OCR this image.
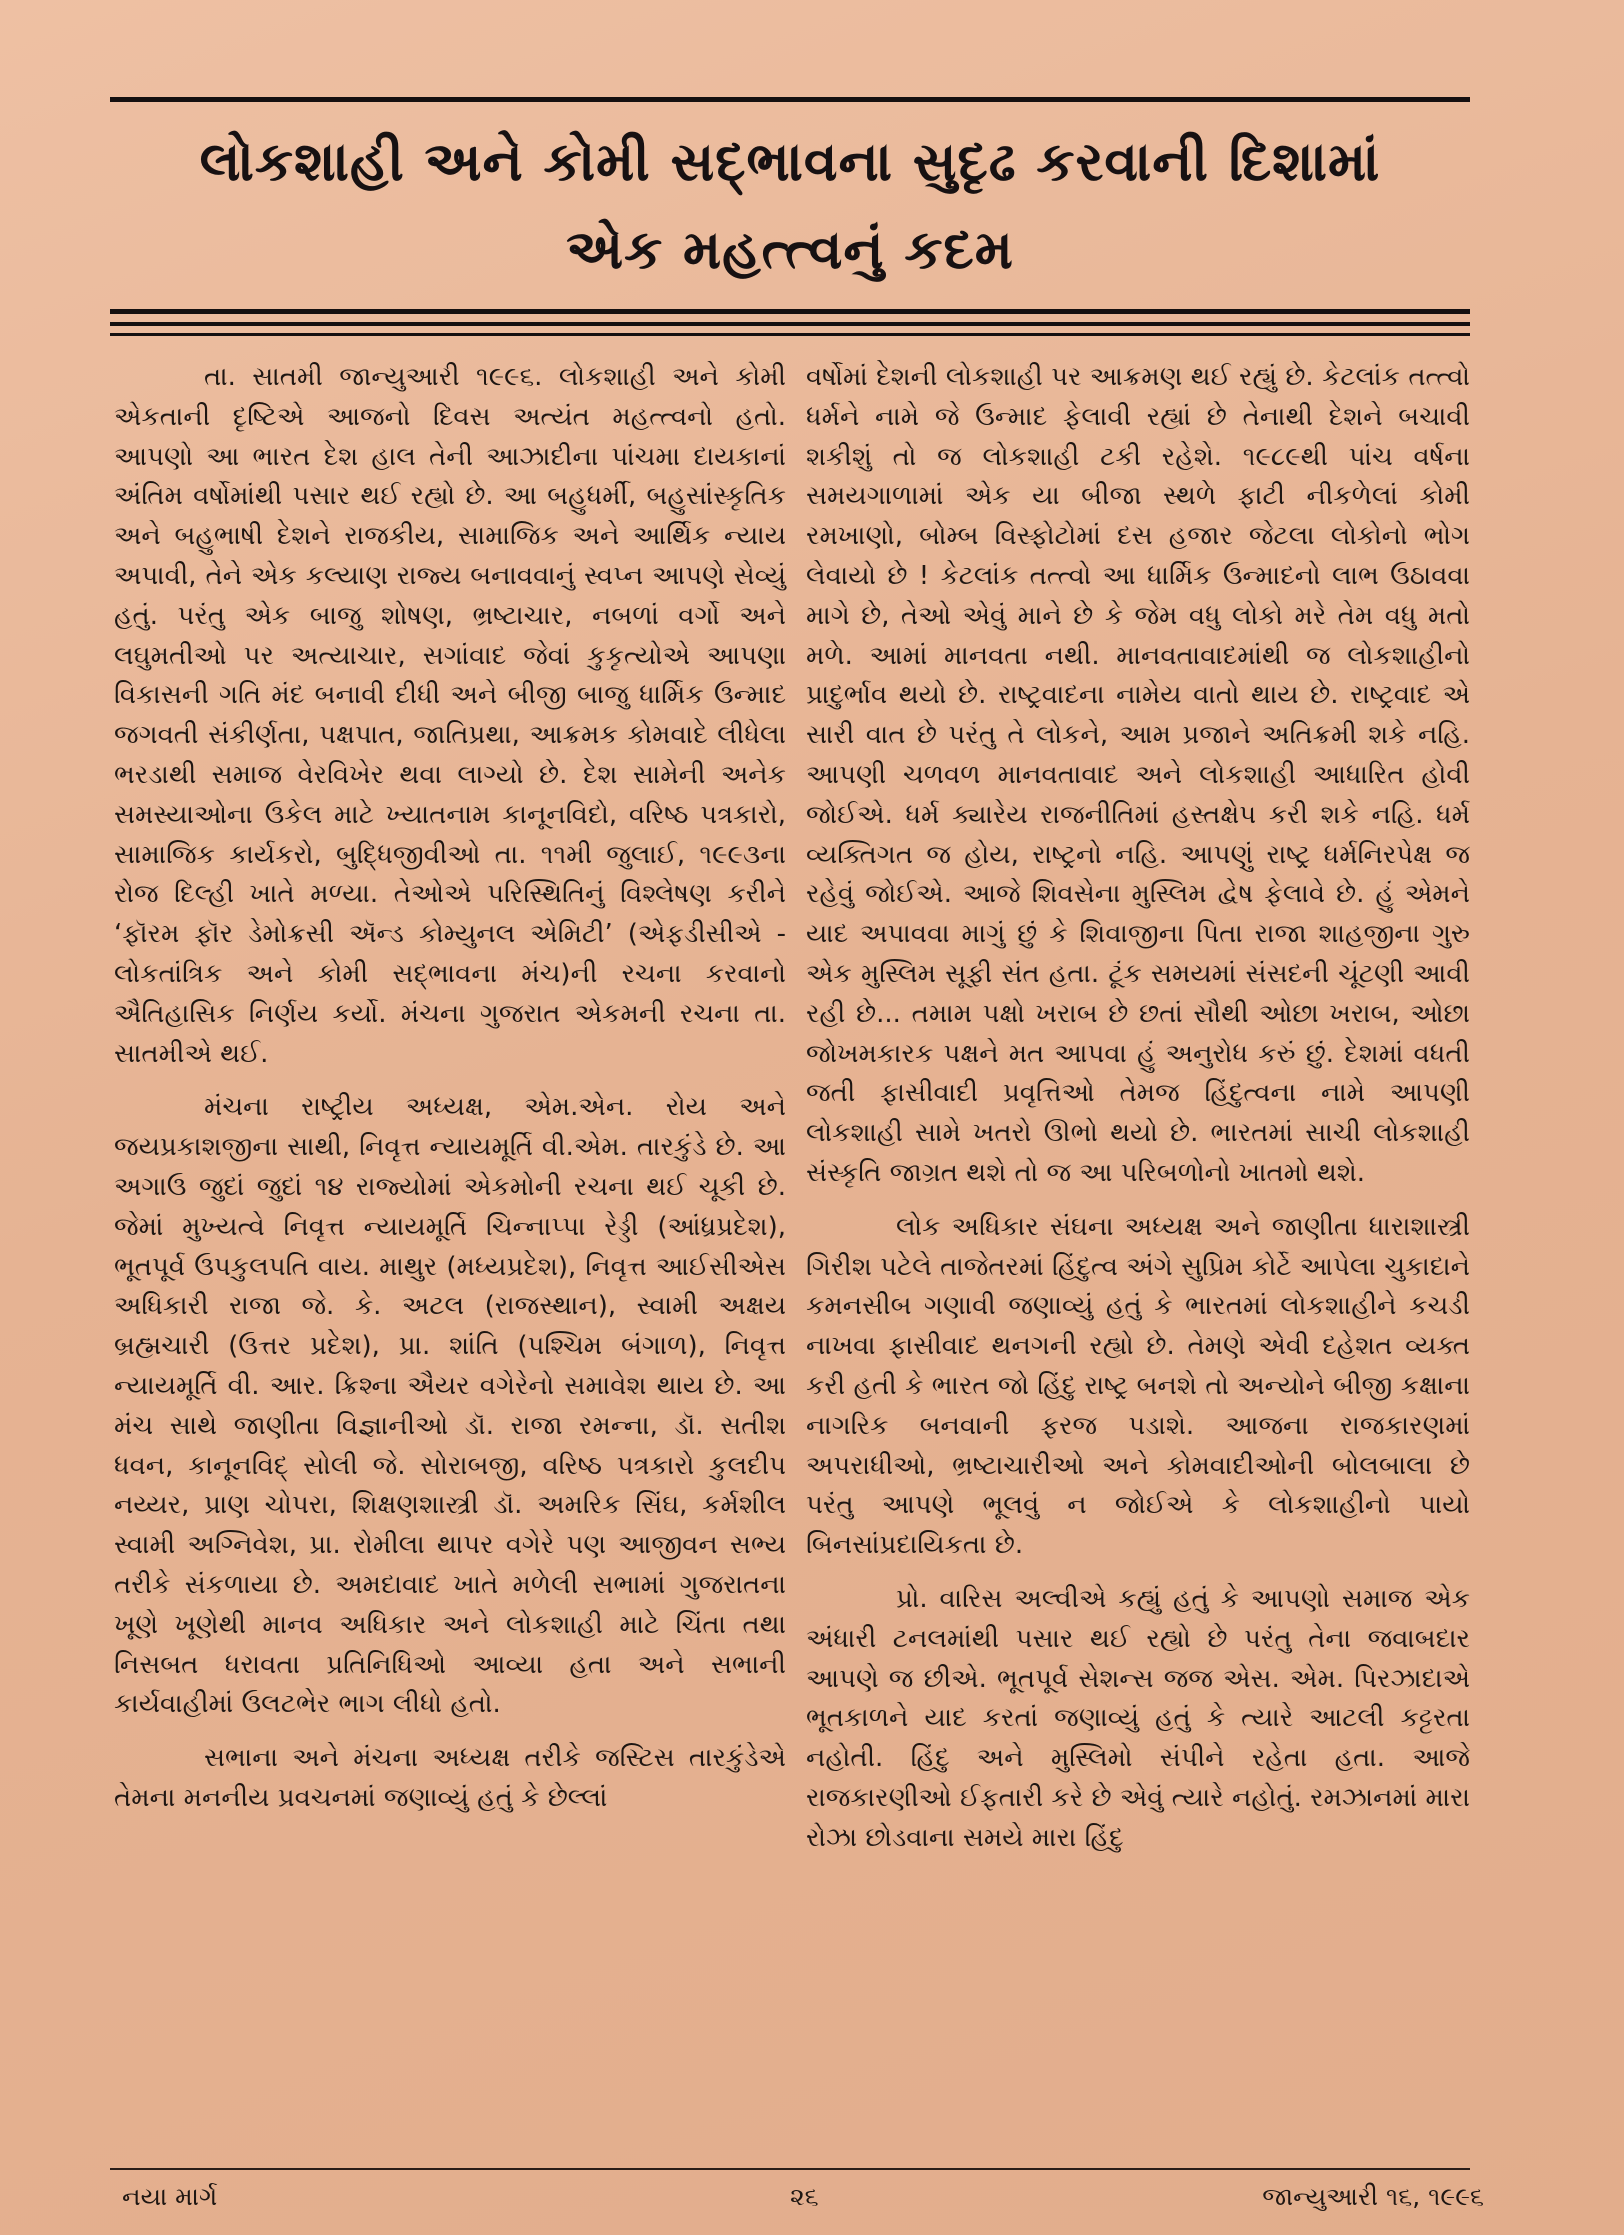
લોકશાહી અને કોમી સદ્ભાવના સુદૃઢ કરવાની દિશામાં
એક મહત્ત્વનું કદમ

તા. સાતમી જાન્યુઆરી ૧૯૯૬. લોકશાહી અને કોમી એકતાની દૃષ્ટિએ આજનો દિવસ અત્યંત મહત્ત્વનો હતો. આપણો આ ભારત દેશ હાલ તેની આઝાદીના પાંચમા દાયકાનાં અંતિમ વર્ષોમાંથી પસાર થઈ રહ્યો છે. આ બહુધર્મી, બહુસાંસ્કૃતિક અને બહુભાષી દેશને રાજકીય, સામાજિક અને આર્થિક ન્યાય અપાવી, તેને એક કલ્યાણ રાજ્ય બનાવવાનું સ્વપ્ન આપણે સેવ્યું હતું. પરંતુ એક બાજુ શોષણ, ભ્રષ્ટાચાર, નબળાં વર્ગો અને લઘુમતીઓ પર અત્યાચાર, સગાંવાદ જેવાં કુકૃત્યોએ આપણા વિકાસની ગતિ મંદ બનાવી દીધી અને બીજી બાજુ ધાર્મિક ઉન્માદ જગવતી સંકીર્ણતા, પક્ષપાત, જાતિપ્રથા, આક્રમક કોમવાદે લીધેલા ભરડાથી સમાજ વેરવિખેર થવા લાગ્યો છે. દેશ સામેની અનેક સમસ્યાઓના ઉકેલ માટે ખ્યાતનામ કાનૂનવિદો, વરિષ્ઠ પત્રકારો, સામાજિક કાર્યકરો, બુદ્ધિજીવીઓ તા. ૧૧મી જુલાઈ, ૧૯૯૩ના રોજ દિલ્હી ખાતે મળ્યા. તેઓએ પરિસ્થિતિનું વિશ્લેષણ કરીને ‘ફૉરમ ફૉર ડેમોક્રસી ઍન્ડ કોમ્યુનલ એમિટી’ (એફડીસીએ - લોકતાંત્રિક અને કોમી સદ્ભાવના મંચ)ની રચના કરવાનો ઐતિહાસિક નિર્ણય કર્યો. મંચના ગુજરાત એકમની રચના તા. સાતમીએ થઈ.

મંચના રાષ્ટ્રીય અધ્યક્ષ, એમ.એન. રોય અને જયપ્રકાશજીના સાથી, નિવૃત્ત ન્યાયમૂર્તિ વી.એમ. તારકુંડે છે. આ અગાઉ જુદાં જુદાં ૧૪ રાજ્યોમાં એકમોની રચના થઈ ચૂકી છે. જેમાં મુખ્યત્વે નિવૃત્ત ન્યાયમૂર્તિ ચિન્નાપ્પા રેડ્ડી (આંધ્રપ્રદેશ), ભૂતપૂર્વ ઉપકુલપતિ વાય. માથુર (મધ્યપ્રદેશ), નિવૃત્ત આઈસીએસ અધિકારી રાજા જે. કે. અટલ (રાજસ્થાન), સ્વામી અક્ષય બ્રહ્મચારી (ઉત્તર પ્રદેશ), પ્રા. શાંતિ (પશ્ચિમ બંગાળ), નિવૃત્ત ન્યાયમૂર્તિ વી. આર. ક્રિશ્ના ઐયર વગેરેનો સમાવેશ થાય છે. આ મંચ સાથે જાણીતા વિજ્ઞાનીઓ ડૉ. રાજા રમન્ના, ડૉ. સતીશ ધવન, કાનૂનવિદ્ સોલી જે. સોરાબજી, વરિષ્ઠ પત્રકારો કુલદીપ નય્યર, પ્રાણ ચોપરા, શિક્ષણશાસ્ત્રી ડૉ. અમરિક સિંઘ, કર્મશીલ સ્વામી અગ્નિવેશ, પ્રા. રોમીલા થાપર વગેરે પણ આજીવન સભ્ય તરીકે સંકળાયા છે. અમદાવાદ ખાતે મળેલી સભામાં ગુજરાતના ખૂણે ખૂણેથી માનવ અધિકાર અને લોકશાહી માટે ચિંતા તથા નિસબત ધરાવતા પ્રતિનિધિઓ આવ્યા હતા અને સભાની કાર્યવાહીમાં ઉલટભેર ભાગ લીધો હતો.

સભાના અને મંચના અધ્યક્ષ તરીકે જસ્ટિસ તારકુંડેએ તેમના મનનીય પ્રવચનમાં જણાવ્યું હતું કે છેલ્લાં

વર્ષોમાં દેશની લોકશાહી પર આક્રમણ થઈ રહ્યું છે. કેટલાંક તત્ત્વો ધર્મને નામે જે ઉન્માદ ફેલાવી રહ્યાં છે તેનાથી દેશને બચાવી શકીશું તો જ લોકશાહી ટકી રહેશે. ૧૯૮૯થી પાંચ વર્ષના સમયગાળામાં એક યા બીજા સ્થળે ફાટી નીકળેલાં કોમી રમખાણો, બોમ્બ વિસ્ફોટોમાં દસ હજાર જેટલા લોકોનો ભોગ લેવાયો છે ! કેટલાંક તત્ત્વો આ ધાર્મિક ઉન્માદનો લાભ ઉઠાવવા માગે છે, તેઓ એવું માને છે કે જેમ વધુ લોકો મરે તેમ વધુ મતો મળે. આમાં માનવતા નથી. માનવતાવાદમાંથી જ લોકશાહીનો પ્રાદુર્ભાવ થયો છે. રાષ્ટ્રવાદના નામેય વાતો થાય છે. રાષ્ટ્રવાદ એ સારી વાત છે પરંતુ તે લોકને, આમ પ્રજાને અતિક્રમી શકે નહિ. આપણી ચળવળ માનવતાવાદ અને લોકશાહી આધારિત હોવી જોઈએ. ધર્મ ક્યારેય રાજનીતિમાં હસ્તક્ષેપ કરી શકે નહિ. ધર્મ વ્યક્તિગત જ હોય, રાષ્ટ્રનો નહિ. આપણું રાષ્ટ્ર ધર્મનિરપેક્ષ જ રહેવું જોઈએ. આજે શિવસેના મુસ્લિમ દ્વેષ ફેલાવે છે. હું એમને યાદ અપાવવા માગું છું કે શિવાજીના પિતા રાજા શાહજીના ગુરુ એક મુસ્લિમ સૂફી સંત હતા. ટૂંક સમયમાં સંસદની ચૂંટણી આવી રહી છે... તમામ પક્ષો ખરાબ છે છતાં સૌથી ઓછા ખરાબ, ઓછા જોખમકારક પક્ષને મત આપવા હું અનુરોધ કરું છું. દેશમાં વધતી જતી ફાસીવાદી પ્રવૃત્તિઓ તેમજ હિંદુત્વના નામે આપણી લોકશાહી સામે ખતરો ઊભો થયો છે. ભારતમાં સાચી લોકશાહી સંસ્કૃતિ જાગ્રત થશે તો જ આ પરિબળોનો ખાતમો થશે.

લોક અધિકાર સંઘના અધ્યક્ષ અને જાણીતા ધારાશાસ્ત્રી ગિરીશ પટેલે તાજેતરમાં હિંદુત્વ અંગે સુપ્રિમ કોર્ટે આપેલા ચુકાદાને કમનસીબ ગણાવી જણાવ્યું હતું કે ભારતમાં લોકશાહીને કચડી નાખવા ફાસીવાદ થનગની રહ્યો છે. તેમણે એવી દહેશત વ્યક્ત કરી હતી કે ભારત જો હિંદુ રાષ્ટ્ર બનશે તો અન્યોને બીજી કક્ષાના નાગરિક બનવાની ફરજ પડાશે. આજના રાજકારણમાં અપરાધીઓ, ભ્રષ્ટાચારીઓ અને કોમવાદીઓની બોલબાલા છે પરંતુ આપણે ભૂલવું ન જોઈએ કે લોકશાહીનો પાયો બિનસાંપ્રદાયિકતા છે.

પ્રો. વારિસ અલ્વીએ કહ્યું હતું કે આપણો સમાજ એક અંધારી ટનલમાંથી પસાર થઈ રહ્યો છે પરંતુ તેના જવાબદાર આપણે જ છીએ. ભૂતપૂર્વ સેશન્સ જજ એસ. એમ. પિરઝાદાએ ભૂતકાળને યાદ કરતાં જણાવ્યું હતું કે ત્યારે આટલી કટ્ટરતા નહોતી. હિંદુ અને મુસ્લિમો સંપીને રહેતા હતા. આજે રાજકારણીઓ ઈફતારી કરે છે એવું ત્યારે નહોતું. રમઝાનમાં મારા રોઝા છોડવાના સમયે મારા હિંદુ

નયા માર્ગ	૨૬	જાન્યુઆરી ૧૬, ૧૯૯૬
